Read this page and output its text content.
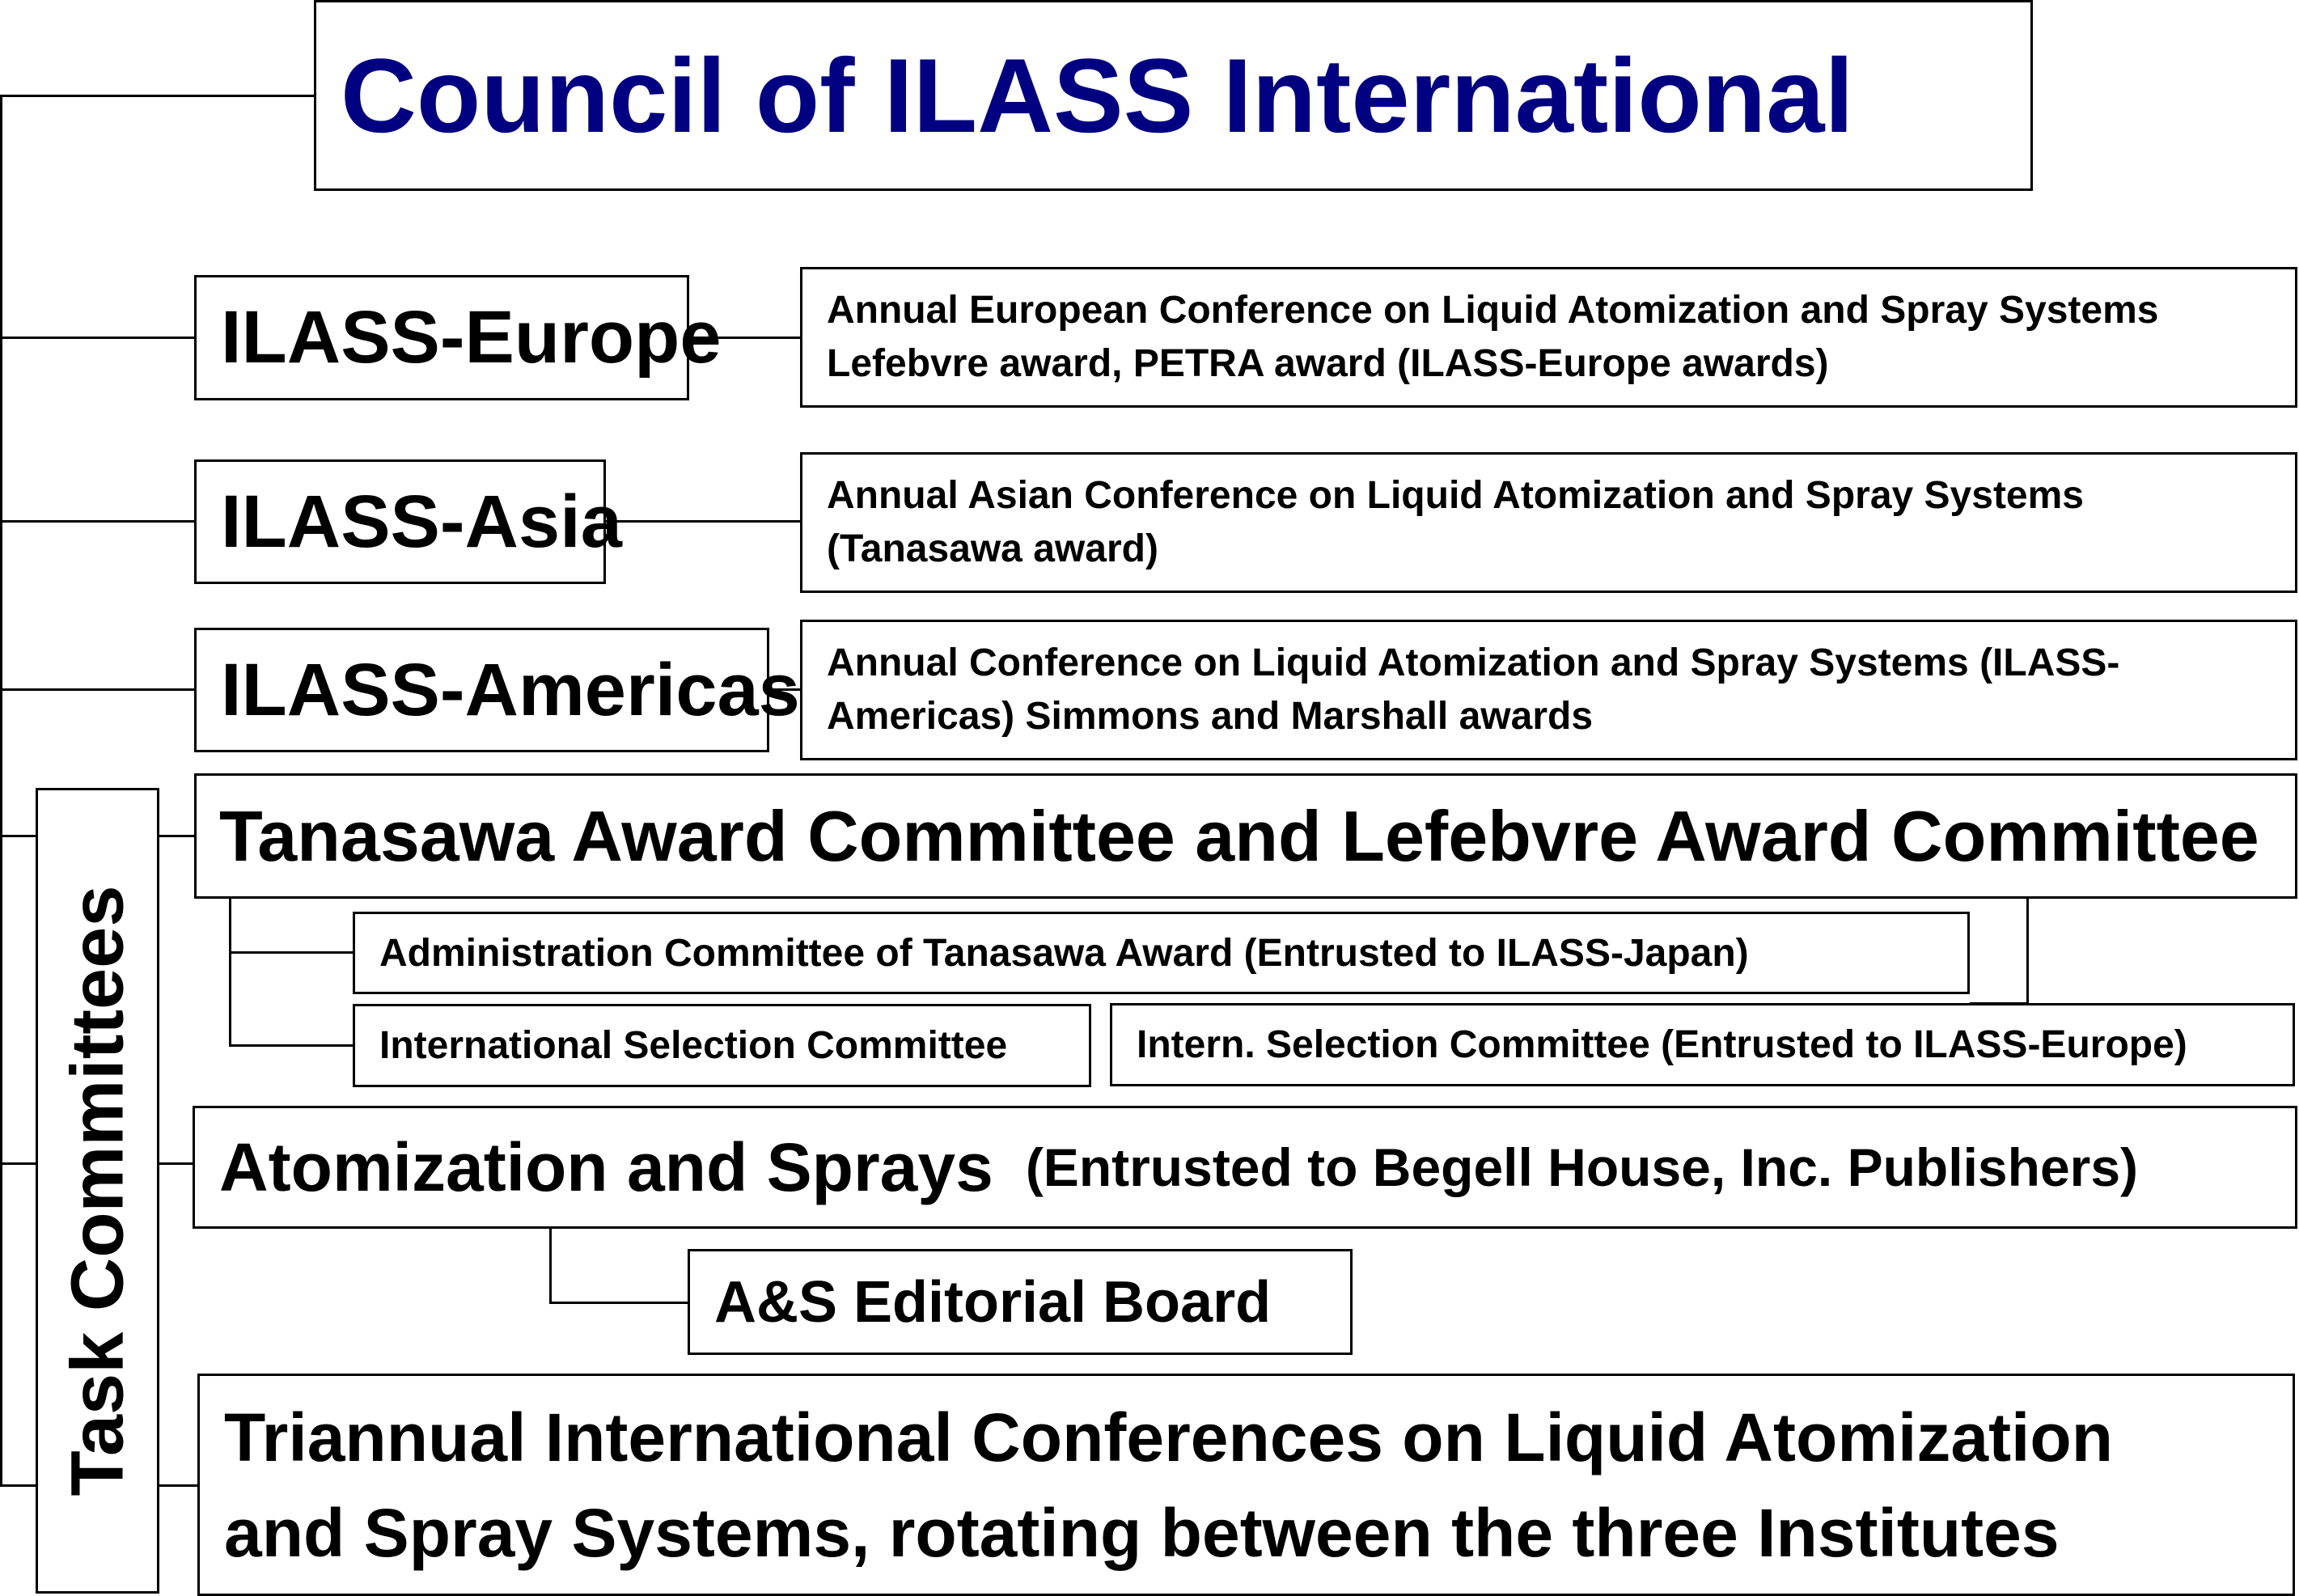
Council of ILASS International
ILASS-Europe	Annual European Conference on Liquid Atomization and Spray Systems
Lefebvre award, PETRA award (ILASS-Europe awards)
ILASS-Asia	Annual Asian Conference on Liquid Atomization and Spray Systems
(Tanasawa award)
ILASS-Americas Annual Conference on Liquid Atomization and Spray Systems (ILASS-
Americas) Simmons and Marshall awards
Task Committees
Tanasawa Award Committee and Lefebvre Award Committee
Administration Committee of Tanasawa Award (Entrusted to ILASS-Japan)
International Selection Committee	Intern. Selection Committee (Entrusted to ILASS-Europe)
Atomization and Sprays (Entrusted to Begell House, Inc. Publishers)
A&S Editorial Board
Triannual International Conferences on Liquid Atomization
and Spray Systems, rotating between the three Institutes
